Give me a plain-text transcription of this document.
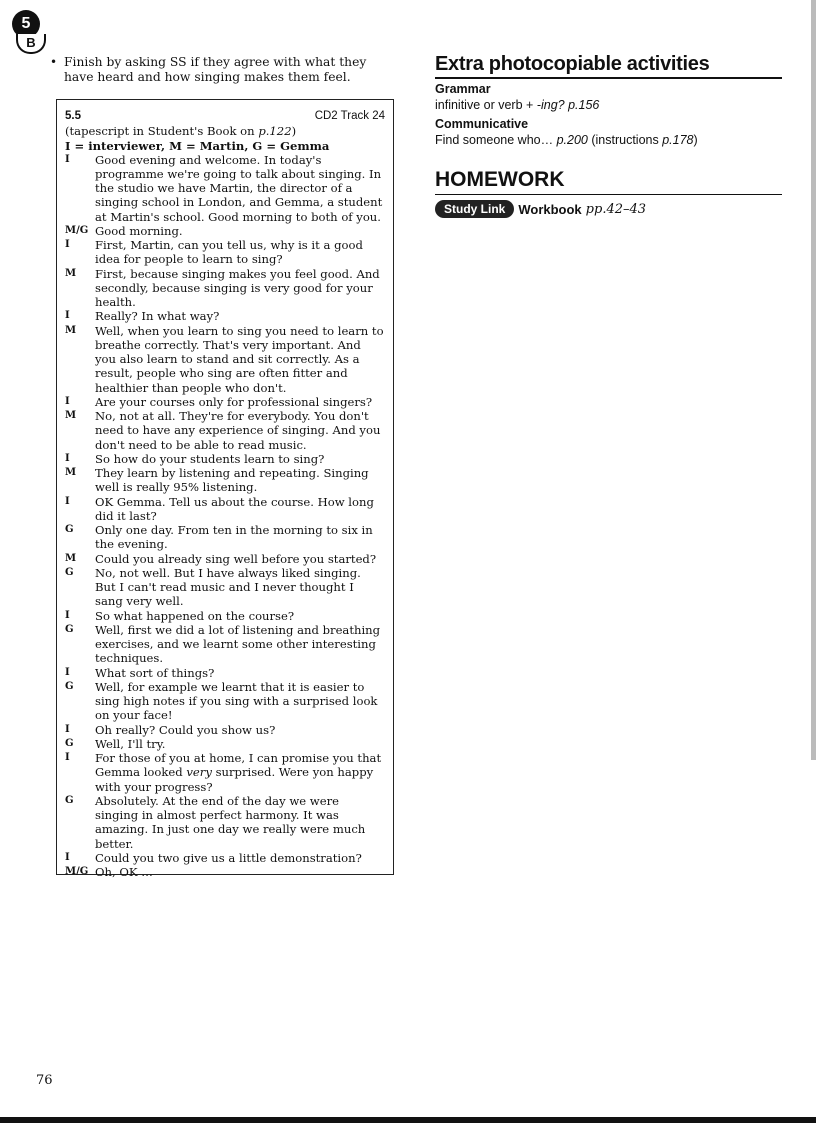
5
B
• Finish by asking SS if they agree with what they have heard and how singing makes them feel.
5.5	CD2 Track 24
(tapescript in Student's Book on p.122)
I = interviewer, M = Martin, G = Gemma
I	Good evening and welcome. In today's programme we're going to talk about singing. In the studio we have Martin, the director of a singing school in London, and Gemma, a student at Martin's school. Good morning to both of you.
M/G Good morning.
I	First, Martin, can you tell us, why is it a good idea for people to learn to sing?
M	First, because singing makes you feel good. And secondly, because singing is very good for your health.
I	Really? In what way?
M	Well, when you learn to sing you need to learn to breathe correctly. That's very important. And you also learn to stand and sit correctly. As a result, people who sing are often fitter and healthier than people who don't.
I	Are your courses only for professional singers?
M	No, not at all. They're for everybody. You don't need to have any experience of singing. And you don't need to be able to read music.
I	So how do your students learn to sing?
M	They learn by listening and repeating. Singing well is really 95% listening.
I	OK Gemma. Tell us about the course. How long did it last?
G	Only one day. From ten in the morning to six in the evening.
M	Could you already sing well before you started?
G	No, not well. But I have always liked singing. But I can't read music and I never thought I sang very well.
I	So what happened on the course?
G	Well, first we did a lot of listening and breathing exercises, and we learnt some other interesting techniques.
I	What sort of things?
G	Well, for example we learnt that it is easier to sing high notes if you sing with a surprised look on your face!
I	Oh really? Could you show us?
G	Well, I'll try.
I	For those of you at home, I can promise you that Gemma looked very surprised. Were yon happy with your progress?
G	Absolutely. At the end of the day we were singing in almost perfect harmony. It was amazing. In just one day we really were much better.
I	Could you two give us a little demonstration?
M/G Oh, OK …
Extra photocopiable activities
Grammar
infinitive or verb + -ing? p.156
Communicative
Find someone who… p.200 (instructions p.178)
HOMEWORK
Study Link	Workbook pp.42–43
76
